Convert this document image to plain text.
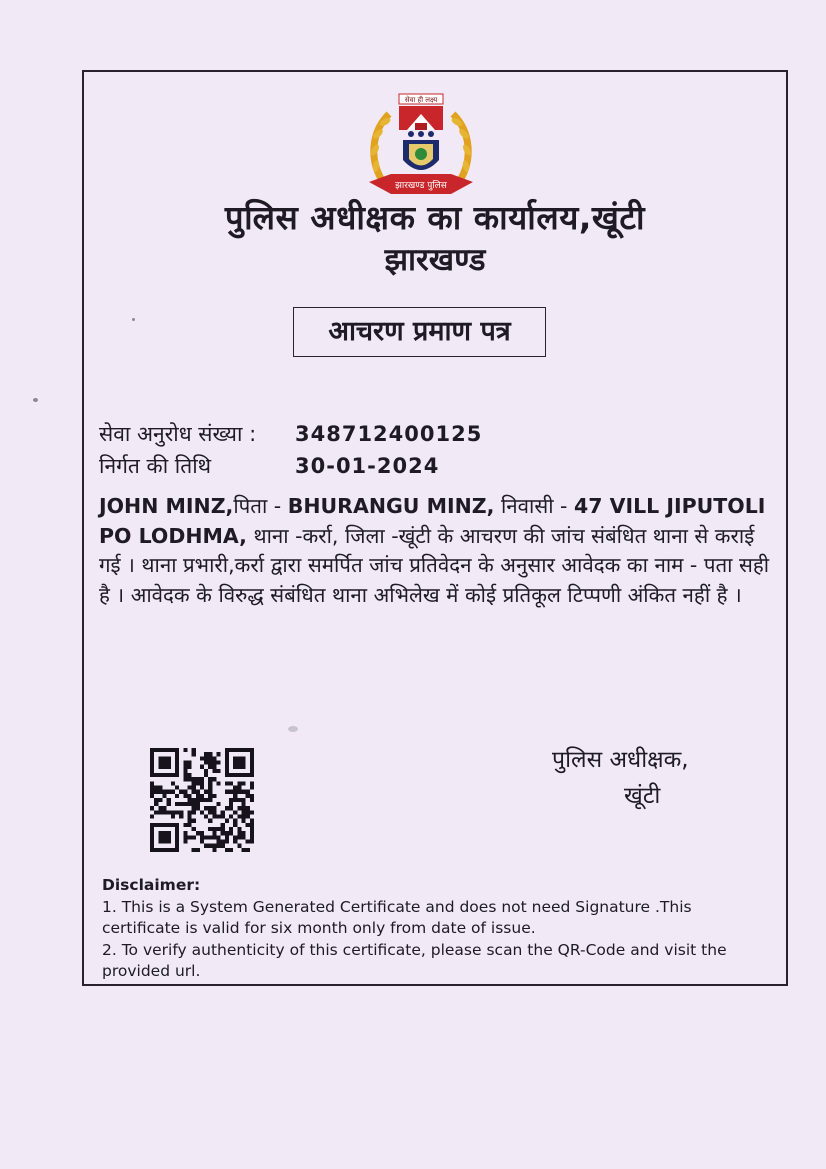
सेवा ही लक्ष्य
झारखण्ड पुलिस
पुलिस अधीक्षक का कार्यालय,खूंटी
झारखण्ड
आचरण प्रमाण पत्र
सेवा अनुरोध संख्या : 348712400125
निर्गत की तिथि	30-01-2024
JOHN MINZ,पिता - BHURANGU MINZ, निवासी - 47 VILL JIPUTOLI PO LODHMA, थाना -कर्रा, जिला -खूंटी के आचरण की जांच संबंधित थाना से कराई गई । थाना प्रभारी,कर्रा द्वारा समर्पित जांच प्रतिवेदन के अनुसार आवेदक का नाम - पता सही है । आवेदक के विरुद्ध संबंधित थाना अभिलेख में कोई प्रतिकूल टिप्पणी अंकित नहीं है ।
पुलिस अधीक्षक,
खूंटी
Disclaimer:
1. This is a System Generated Certificate and does not need Signature .This certificate is valid for six month only from date of issue.
2. To verify authenticity of this certificate, please scan the QR-Code and visit the provided url.
